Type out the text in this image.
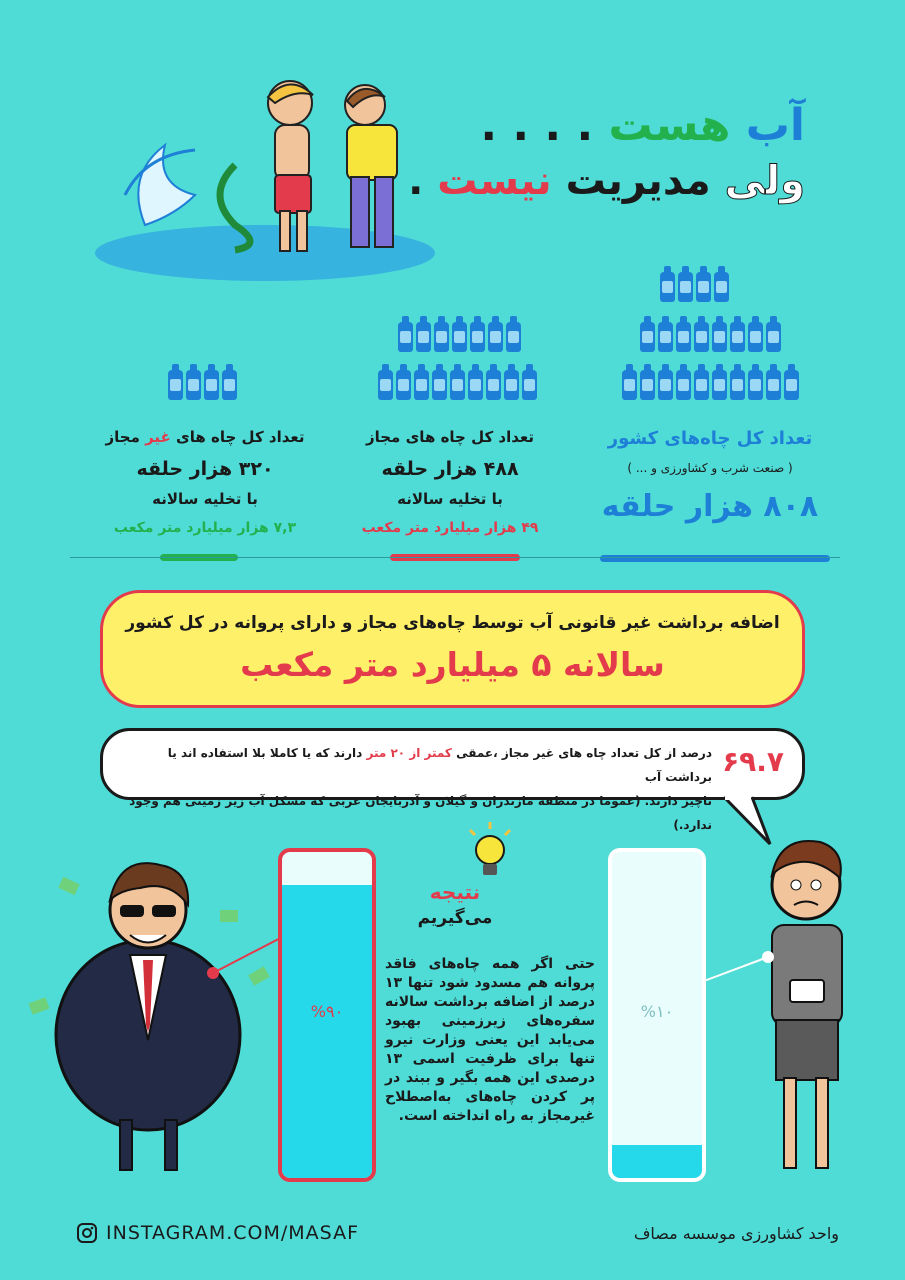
آب هست . . . .
ولی مدیریت نیست .
تعداد کل چاه‌های کشور
( صنعت شرب و کشاورزی و ... )
۸۰۸ هزار حلقه
تعداد کل چاه های مجاز
۴۸۸ هزار حلقه
با تخلیه سالانه
۴۹ هزار میلیارد متر مکعب
تعداد کل چاه های غیر مجاز
۳۲۰ هزار حلقه
با تخلیه سالانه
۷,۳ هزار میلیارد متر مکعب
اضافه برداشت غیر قانونی آب توسط چاه‌های مجاز و دارای پروانه در کل کشور
سالانه ۵ میلیارد متر مکعب
۶۹.۷
درصد از کل تعداد چاه های غیر مجاز ،عمقی کمتر از ۲۰ متر دارند که یا کاملا بلا استفاده اند یا برداشت آب
ناچیز دارند. (عموما در منطقه مازندران و گیلان و آذربایجان غربی که مشکل آب زیر زمینی هم وجود ندارد.)
%۹۰
نتیجه
می‌گیریم
حتی اگر همه چاه‌های فاقد پروانه هم مسدود شود تنها ۱۳ درصد از اضافه برداشت سالانه سفره‌های زیرزمینی بهبود می‌یابد این یعنی وزارت نیرو تنها برای ظرفیت اسمی ۱۳ درصدی این همه بگیر و ببند در پر کردن چاه‌های به‌اصطلاح غیرمجاز به راه انداخته است.
%۱۰
INSTAGRAM.COM/MASAF	واحد کشاورزی موسسه مصاف
